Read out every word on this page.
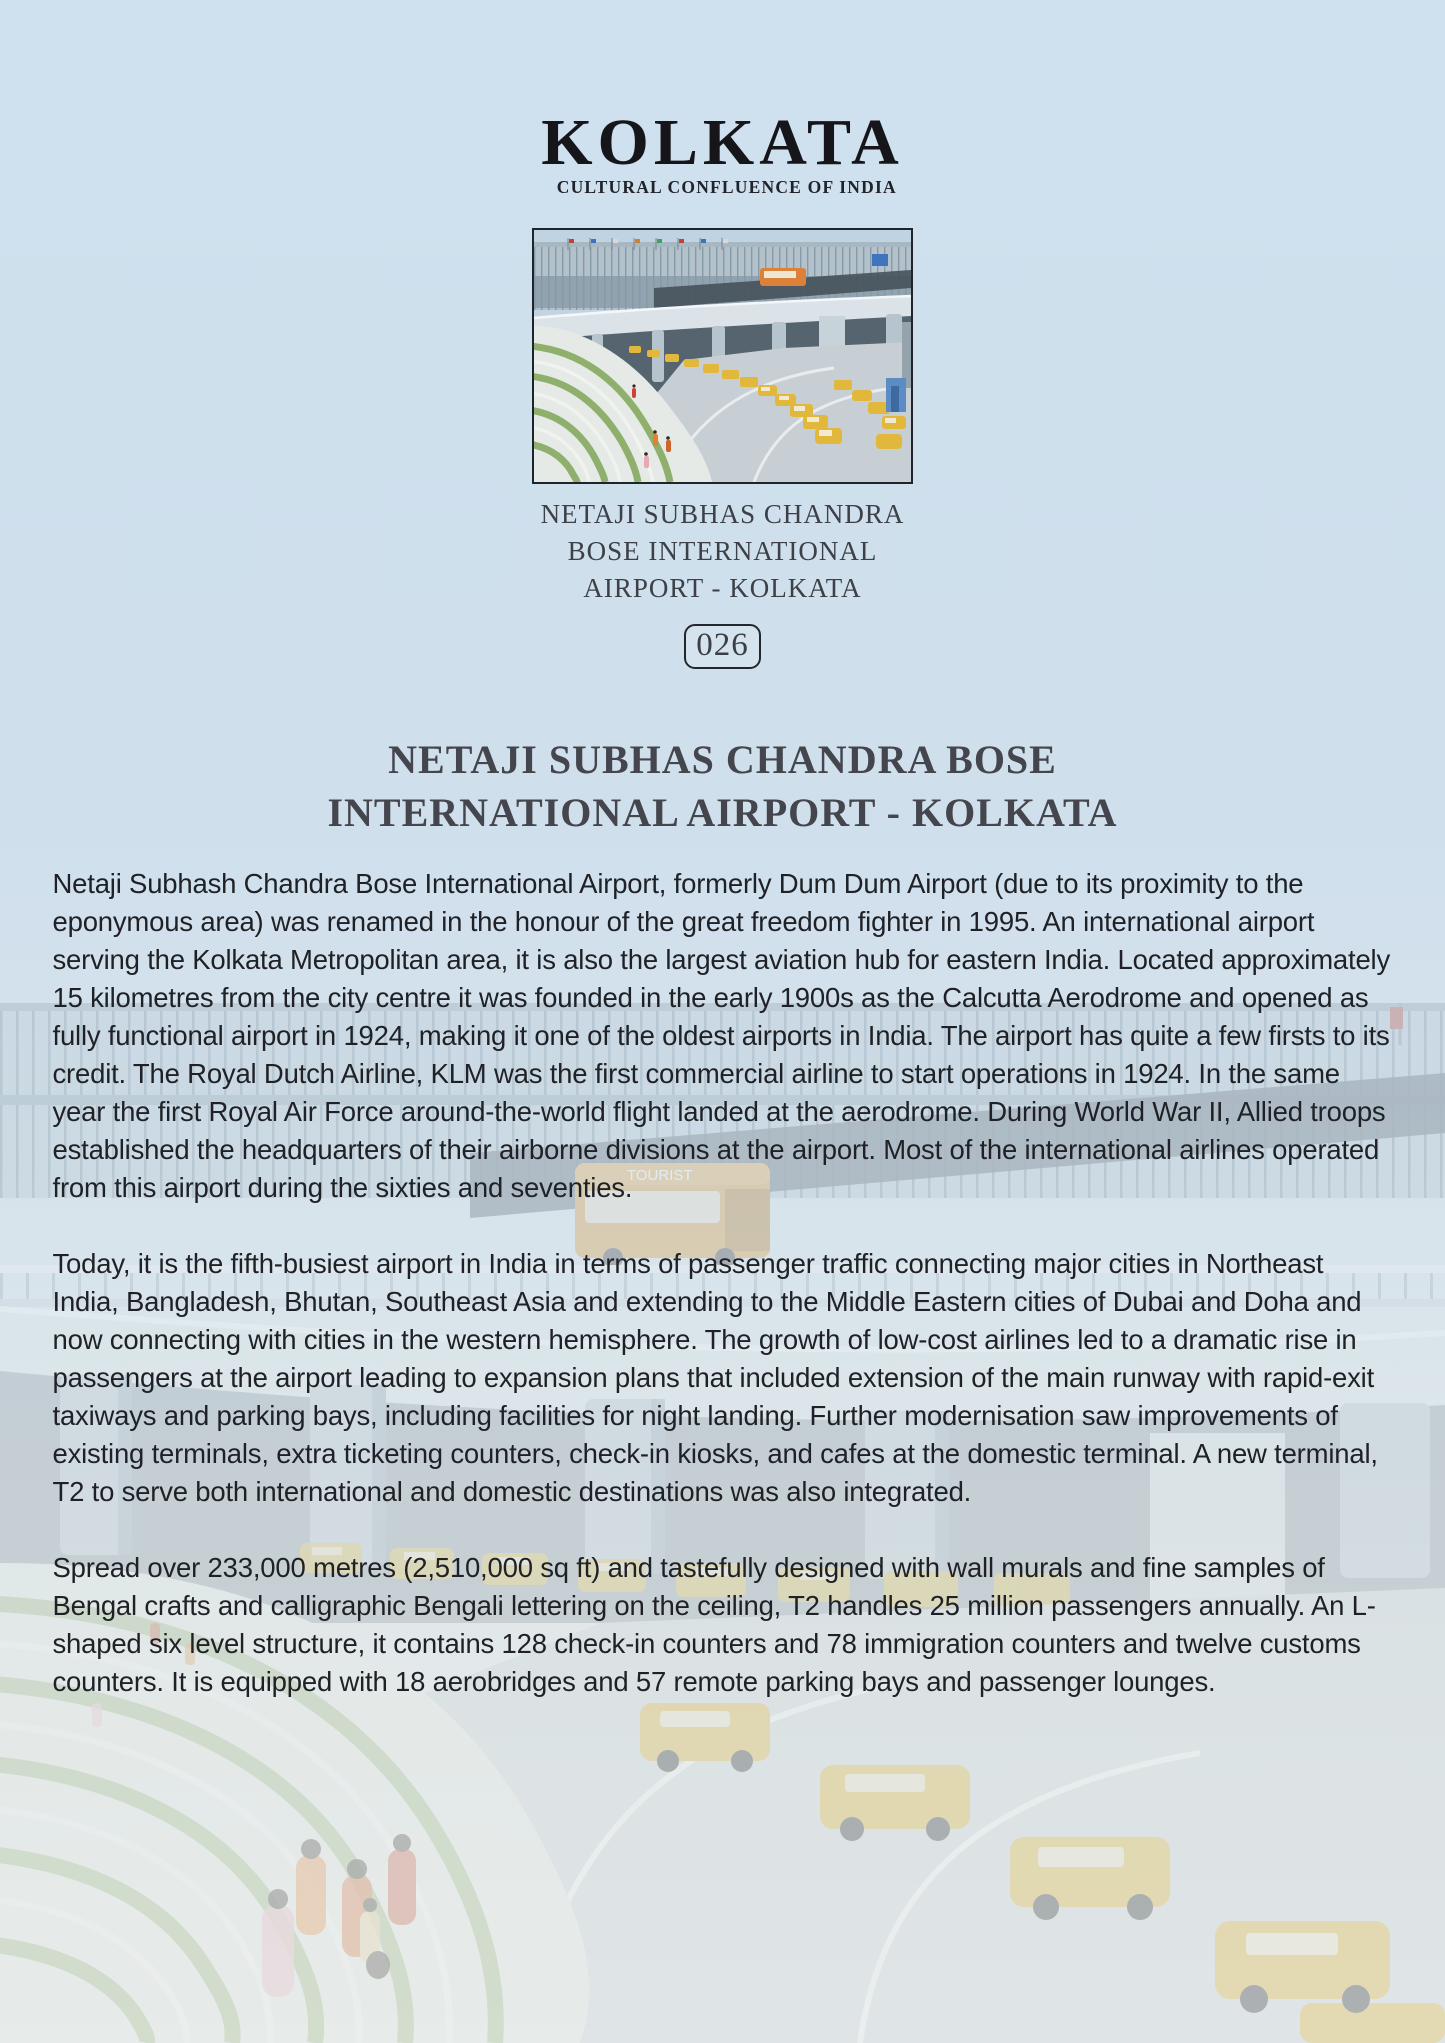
TOURIST
KOLKATA
CULTURAL CONFLUENCE OF INDIA
NETAJI SUBHAS CHANDRA
BOSE INTERNATIONAL
AIRPORT - KOLKATA
026
NETAJI SUBHAS CHANDRA BOSE
INTERNATIONAL AIRPORT - KOLKATA

Netaji Subhash Chandra Bose International Airport, formerly Dum Dum Airport (due to its proximity to the eponymous area) was renamed in the honour of the great freedom fighter in 1995. An international airport serving the Kolkata Metropolitan area, it is also the largest aviation hub for eastern India. Located approximately 15 kilometres from the city centre it was founded in the early 1900s as the Calcutta Aerodrome and opened as fully functional airport in 1924, making it one of the oldest airports in India. The airport has quite a few firsts to its credit. The Royal Dutch Airline, KLM was the first commercial airline to start operations in 1924. In the same year the first Royal Air Force around-the-world flight landed at the aerodrome. During World War II, Allied troops established the headquarters of their airborne divisions at the airport. Most of the international airlines operated from this airport during the sixties and seventies.

Today, it is the fifth-busiest airport in India in terms of passenger traffic connecting major cities in Northeast India, Bangladesh, Bhutan, Southeast Asia and extending to the Middle Eastern cities of Dubai and Doha and now connecting with cities in the western hemisphere. The growth of low-cost airlines led to a dramatic rise in passengers at the airport leading to expansion plans that included extension of the main runway with rapid-exit taxiways and parking bays, including facilities for night landing. Further modernisation saw improvements of existing terminals, extra ticketing counters, check-in kiosks, and cafes at the domestic terminal. A new terminal, T2 to serve both international and domestic destinations was also integrated.

Spread over 233,000 metres (2,510,000 sq ft) and tastefully designed with wall murals and fine samples of Bengal crafts and calligraphic Bengali lettering on the ceiling, T2 handles 25 million passengers annually. An L-shaped six level structure, it contains 128 check-in counters and 78 immigration counters and twelve customs counters. It is equipped with 18 aerobridges and 57 remote parking bays and passenger lounges.
